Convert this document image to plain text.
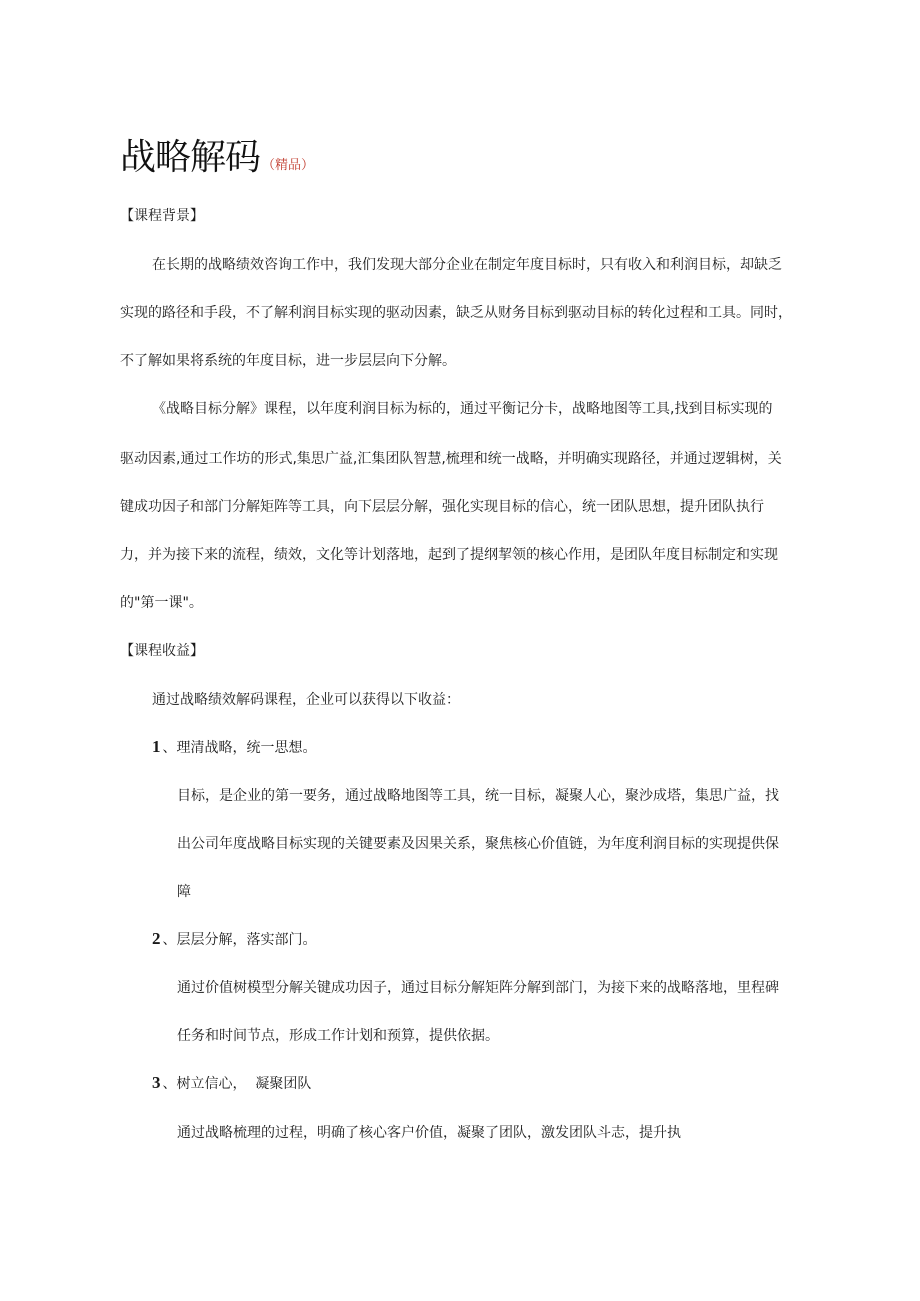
战略解码 （精品）
【课程背景】
在长期的战略绩效咨询工作中，我们发现大部分企业在制定年度目标时，只有收入和利润目标，却缺乏
实现的路径和手段，不了解利润目标实现的驱动因素，缺乏从财务目标到驱动目标的转化过程和工具。同时，
不了解如果将系统的年度目标，进一步层层向下分解。
《战略目标分解》课程，以年度利润目标为标的，通过平衡记分卡，战略地图等工具,找到目标实现的
驱动因素,通过工作坊的形式,集思广益,汇集团队智慧,梳理和统一战略，并明确实现路径，并通过逻辑树，关
键成功因子和部门分解矩阵等工具，向下层层分解，强化实现目标的信心，统一团队思想，提升团队执行
力，并为接下来的流程，绩效，文化等计划落地，起到了提纲挈领的核心作用，是团队年度目标制定和实现
的"第一课"。
【课程收益】
通过战略绩效解码课程，企业可以获得以下收益：
1 、理清战略，统一思想。
目标，是企业的第一要务，通过战略地图等工具，统一目标，凝聚人心，聚沙成塔，集思广益，找
出公司年度战略目标实现的关键要素及因果关系，聚焦核心价值链，为年度利润目标的实现提供保
障
2 、层层分解，落实部门。
通过价值树模型分解关键成功因子，通过目标分解矩阵分解到部门，为接下来的战略落地，里程碑
任务和时间节点，形成工作计划和预算，提供依据。
3 、树立信心，  凝聚团队
通过战略梳理的过程，明确了核心客户价值，凝聚了团队，激发团队斗志，提升执
